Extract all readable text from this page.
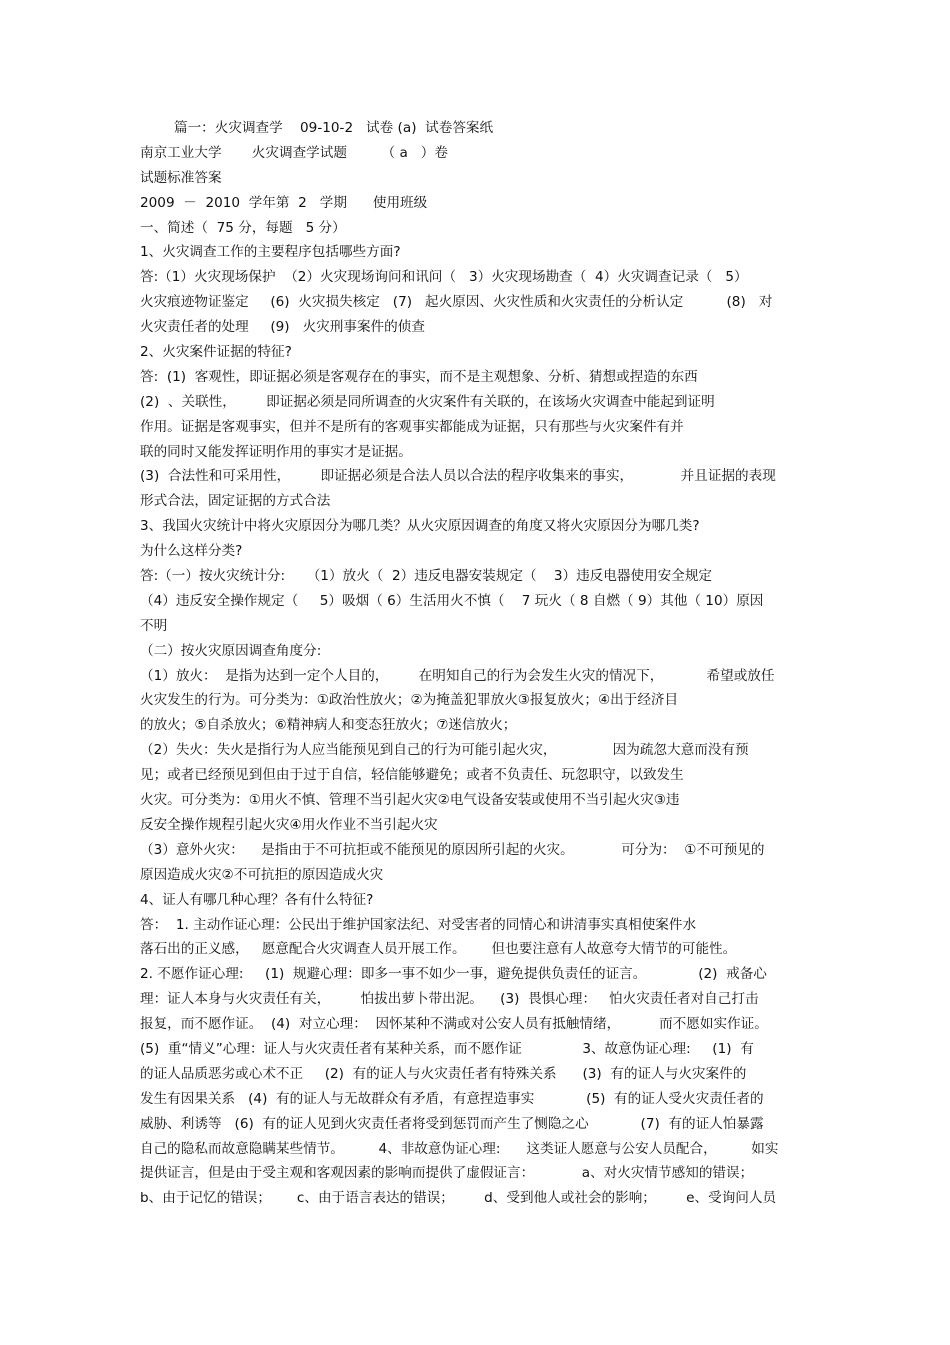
篇一：火灾调查学    09-10-2   试卷 (a)  试卷答案纸
南京工业大学       火灾调查学试题        （ a   ）卷
试题标准答案
2009  －  2010  学年第  2   学期      使用班级
一、简述（  75 分，每题   5 分）
1、火灾调查工作的主要程序包括哪些方面?
答:（1）火灾现场保护  （2）火灾现场询问和讯问（   3）火灾现场勘查（  4）火灾调查记录（   5）
火灾痕迹物证鉴定     (6)  火灾损失核定   (7)   起火原因、火灾性质和火灾责任的分析认定          (8)   对
火灾责任者的处理     (9)   火灾刑事案件的侦查
2、火灾案件证据的特征?
答:  (1)  客观性，即证据必须是客观存在的事实，而不是主观想象、分析、猜想或捏造的东西
(2)  、关联性，       即证据必须是同所调查的火灾案件有关联的，在该场火灾调查中能起到证明
作用。证据是客观事实，但并不是所有的客观事实都能成为证据，只有那些与火灾案件有并
联的同时又能发挥证明作用的事实才是证据。
(3)  合法性和可采用性，       即证据必须是合法人员以合法的程序收集来的事实，           并且证据的表现
形式合法，固定证据的方式合法
3、我国火灾统计中将火灾原因分为哪几类？从火灾原因调查的角度又将火灾原因分为哪几类?
为什么这样分类?
答:（一）按火灾统计分:     （1）放火（  2）违反电器安装规定（    3）违反电器使用安全规定
（4）违反安全操作规定（     5）吸烟（ 6）生活用火不慎（    7 玩火（ 8 自燃（ 9）其他（ 10）原因
不明
（二）按火灾原因调查角度分:
（1）放火：  是指为达到一定个人目的，       在明知自己的行为会发生火灾的情况下，          希望或放任
火灾发生的行为。可分类为：①政治性放火；②为掩盖犯罪放火③报复放火；④出于经济目
的放火；⑤自杀放火；⑥精神病人和变态狂放火；⑦迷信放火；
（2）失火：失火是指行为人应当能预见到自己的行为可能引起火灾，             因为疏忽大意而没有预
见；或者已经预见到但由于过于自信，轻信能够避免；或者不负责任、玩忽职守，以致发生
火灾。可分类为：①用火不慎、管理不当引起火灾②电气设备安装或使用不当引起火灾③违
反安全操作规程引起火灾④用火作业不当引起火灾
（3）意外火灾：    是指由于不可抗拒或不能预见的原因所引起的火灾。           可分为：  ①不可预见的
原因造成火灾②不可抗拒的原因造成火灾
4、证人有哪几种心理？各有什么特征?
答：  1. 主动作证心理：公民出于维护国家法纪、对受害者的同情心和讲清事实真相使案件水
落石出的正义感，   愿意配合火灾调查人员开展工作。      但也要注意有人故意夸大情节的可能性。
2. 不愿作证心理:     (1)  规避心理：即多一事不如少一事，避免提供负责任的证言。            (2)  戒备心
理：证人本身与火灾责任有关，       怕拔出萝卜带出泥。    (3)  畏惧心理：   怕火灾责任者对自己打击
报复，而不愿作证。  (4)  对立心理：  因怀某种不满或对公安人员有抵触情绪，         而不愿如实作证。
(5)  重“情义”心理：证人与火灾责任者有某种关系，而不愿作证              3、故意伪证心理:     (1)  有
的证人品质恶劣或心术不正     (2)  有的证人与火灾责任者有特殊关系      (3)  有的证人与火灾案件的
发生有因果关系   (4)  有的证人与无故群众有矛盾，有意捏造事实            (5)  有的证人受火灾责任者的
威胁、利诱等   (6)  有的证人见到火灾责任者将受到惩罚而产生了恻隐之心            (7)  有的证人怕暴露
自己的隐私而故意隐瞒某些情节。        4、非故意伪证心理:      这类证人愿意与公安人员配合，        如实
提供证言，但是由于受主观和客观因素的影响而提供了虚假证言：           a、对火灾情节感知的错误；
b、由于记忆的错误；      c、由于语言表达的错误；       d、受到他人或社会的影响；       e、受询问人员
